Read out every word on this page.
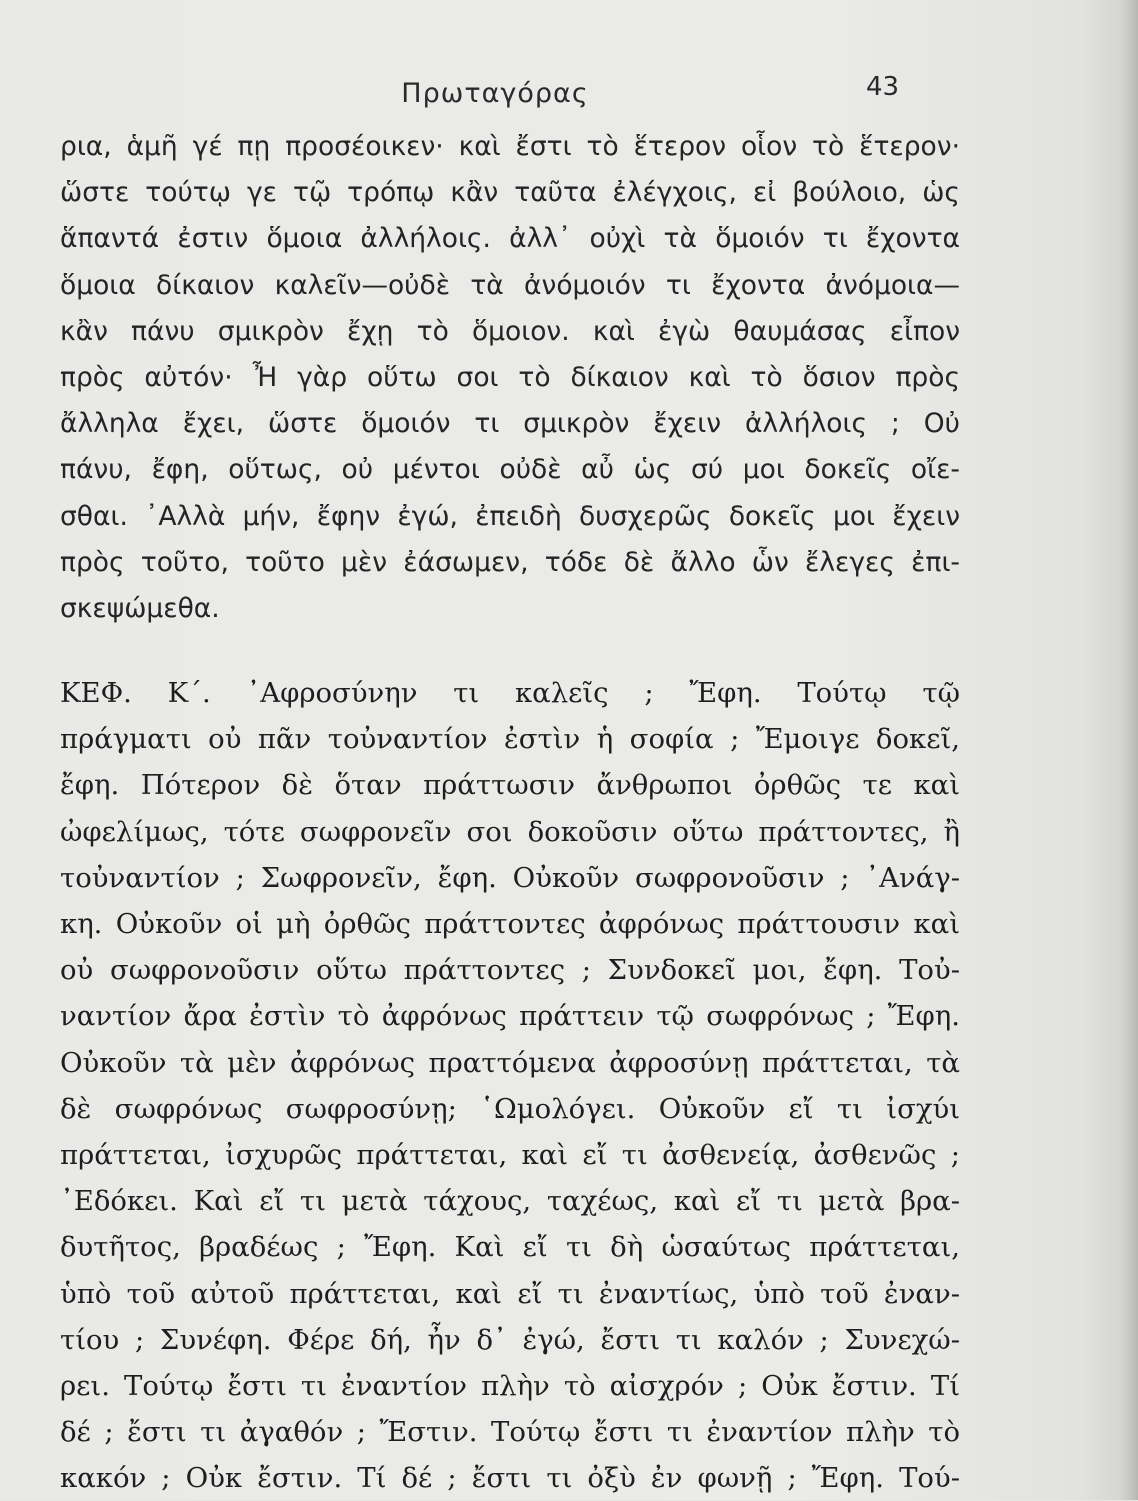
Πρωταγόρας	43
ρια, ἁμῆ γέ πῃ προσέοικεν· καὶ ἔστι τὸ ἕτερον οἷον τὸ ἕτερον·
ὥστε τούτῳ γε τῷ τρόπῳ κἂν ταῦτα ἐλέγχοις, εἰ βούλοιο, ὡς
ἅπαντά ἐστιν ὅμοια ἀλλήλοις. ἀλλ᾿ οὐχὶ τὰ ὅμοιόν τι ἔχοντα
ὅμοια δίκαιον καλεῖν—οὐδὲ τὰ ἀνόμοιόν τι ἔχοντα ἀνόμοια—
κἂν πάνυ σμικρὸν ἔχῃ τὸ ὅμοιον. καὶ ἐγὼ θαυμάσας εἶπον
πρὸς αὐτόν· Ἦ γὰρ οὕτω σοι τὸ δίκαιον καὶ τὸ ὅσιον πρὸς
ἄλληλα ἔχει, ὥστε ὅμοιόν τι σμικρὸν ἔχειν ἀλλήλοις ; Οὐ
πάνυ, ἔφη, οὕτως, οὐ μέντοι οὐδὲ αὖ ὡς σύ μοι δοκεῖς οἴε-
σθαι. ᾿Αλλὰ μήν, ἔφην ἐγώ, ἐπειδὴ δυσχερῶς δοκεῖς μοι ἔχειν
πρὸς τοῦτο, τοῦτο μὲν ἐάσωμεν, τόδε δὲ ἄλλο ὧν ἔλεγες ἐπι-
σκεψώμεθα.
ΚΕΦ. Κ΄. ᾿Αφροσύνην τι καλεῖς ; Ἔφη. Τούτῳ τῷ
πράγματι οὐ πᾶν τοὐναντίον ἐστὶν ἡ σοφία ; Ἔμοιγε δοκεῖ,
ἔφη. Πότερον δὲ ὅταν πράττωσιν ἄνθρωποι ὀρθῶς τε καὶ
ὠφελίμως, τότε σωφρονεῖν σοι δοκοῦσιν οὕτω πράττοντες, ἢ
τοὐναντίον ; Σωφρονεῖν, ἔφη. Οὐκοῦν σωφρονοῦσιν ; ᾿Ανάγ-
κη. Οὐκοῦν οἱ μὴ ὀρθῶς πράττοντες ἀφρόνως πράττουσιν καὶ
οὐ σωφρονοῦσιν οὕτω πράττοντες ; Συνδοκεῖ μοι, ἔφη. Τοὐ-
ναντίον ἄρα ἐστὶν τὸ ἀφρόνως πράττειν τῷ σωφρόνως ; Ἔφη.
Οὐκοῦν τὰ μὲν ἀφρόνως πραττόμενα ἀφροσύνῃ πράττεται, τὰ
δὲ σωφρόνως σωφροσύνῃ; ῾Ωμολόγει. Οὐκοῦν εἴ τι ἰσχύι
πράττεται, ἰσχυρῶς πράττεται, καὶ εἴ τι ἀσθενείᾳ, ἀσθενῶς ;
᾿Εδόκει. Καὶ εἴ τι μετὰ τάχους, ταχέως, καὶ εἴ τι μετὰ βρα-
δυτῆτος, βραδέως ; Ἔφη. Καὶ εἴ τι δὴ ὡσαύτως πράττεται,
ὑπὸ τοῦ αὐτοῦ πράττεται, καὶ εἴ τι ἐναντίως, ὑπὸ τοῦ ἐναν-
τίου ; Συνέφη. Φέρε δή, ἦν δ᾿ ἐγώ, ἔστι τι καλόν ; Συνεχώ-
ρει. Τούτῳ ἔστι τι ἐναντίον πλὴν τὸ αἰσχρόν ; Οὐκ ἔστιν. Τί
δέ ; ἔστι τι ἀγαθόν ; Ἔστιν. Τούτῳ ἔστι τι ἐναντίον πλὴν τὸ
κακόν ; Οὐκ ἔστιν. Τί δέ ; ἔστι τι ὀξὺ ἐν φωνῇ ; Ἔφη. Τού-
